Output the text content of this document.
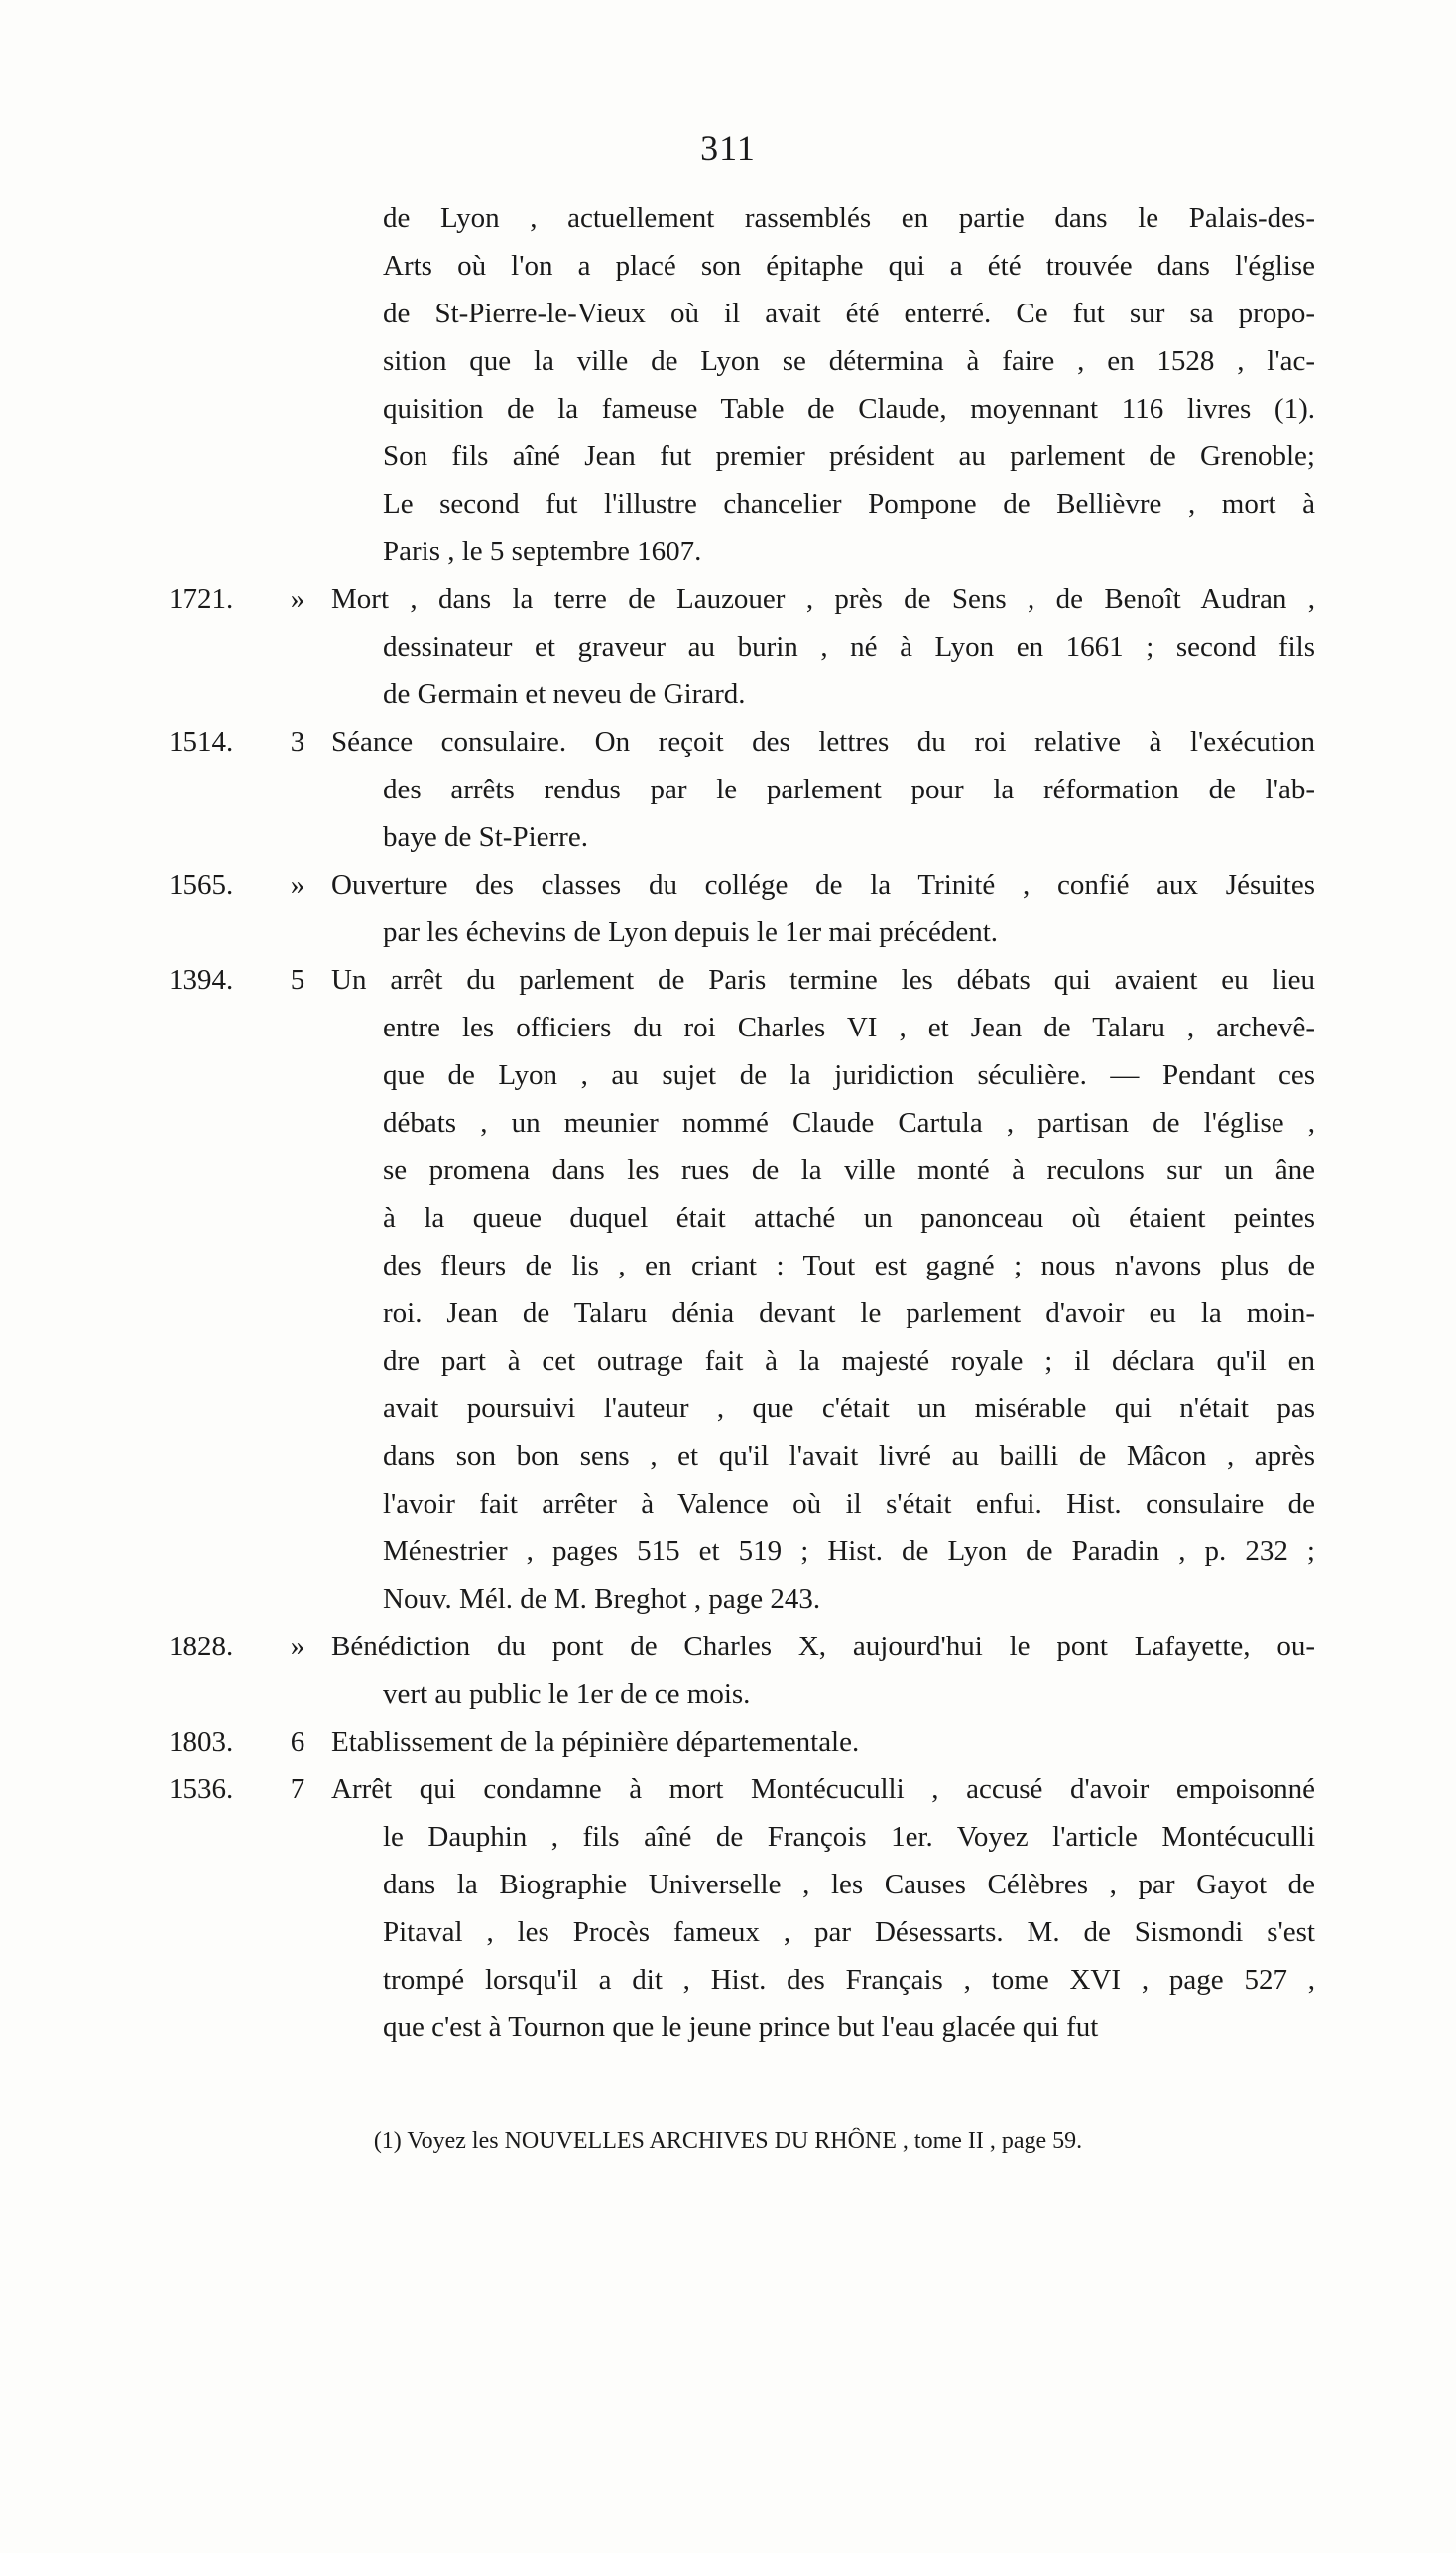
311
de Lyon , actuellement rassemblés en partie dans le Palais-des-
Arts où l'on a placé son épitaphe qui a été trouvée dans l'église
de St-Pierre-le-Vieux où il avait été enterré. Ce fut sur sa propo-
sition que la ville de Lyon se détermina à faire , en 1528 , l'ac-
quisition de la fameuse Table de Claude, moyennant 116 livres (1).
Son fils aîné Jean fut premier président au parlement de Grenoble;
Le second fut l'illustre chancelier Pompone de Bellièvre , mort à
Paris , le 5 septembre 1607.
1721.	» Mort , dans la terre de Lauzouer , près de Sens , de Benoît Audran ,
dessinateur et graveur au burin , né à Lyon en 1661 ; second fils
de Germain et neveu de Girard.
1514.	3 Séance consulaire. On reçoit des lettres du roi relative à l'exécution
des arrêts rendus par le parlement pour la réformation de l'ab-
baye de St-Pierre.
1565.	» Ouverture des classes du collége de la Trinité , confié aux Jésuites
par les échevins de Lyon depuis le 1er mai précédent.
1394.	5 Un arrêt du parlement de Paris termine les débats qui avaient eu lieu
entre les officiers du roi Charles VI , et Jean de Talaru , archevê-
que de Lyon , au sujet de la juridiction séculière. — Pendant ces
débats , un meunier nommé Claude Cartula , partisan de l'église ,
se promena dans les rues de la ville monté à reculons sur un âne
à la queue duquel était attaché un panonceau où étaient peintes
des fleurs de lis , en criant : Tout est gagné ; nous n'avons plus de
roi. Jean de Talaru dénia devant le parlement d'avoir eu la moin-
dre part à cet outrage fait à la majesté royale ; il déclara qu'il en
avait poursuivi l'auteur , que c'était un misérable qui n'était pas
dans son bon sens , et qu'il l'avait livré au bailli de Mâcon , après
l'avoir fait arrêter à Valence où il s'était enfui. Hist. consulaire de
Ménestrier , pages 515 et 519 ; Hist. de Lyon de Paradin , p. 232 ;
Nouv. Mél. de M. Breghot , page 243.
1828.	» Bénédiction du pont de Charles X, aujourd'hui le pont Lafayette, ou-
vert au public le 1er de ce mois.
1803.	6 Etablissement de la pépinière départementale.
1536.	7 Arrêt qui condamne à mort Montécuculli , accusé d'avoir empoisonné
le Dauphin , fils aîné de François 1er. Voyez l'article Montécuculli
dans la Biographie Universelle , les Causes Célèbres , par Gayot de
Pitaval , les Procès fameux , par Désessarts. M. de Sismondi s'est
trompé lorsqu'il a dit , Hist. des Français , tome XVI , page 527 ,
que c'est à Tournon que le jeune prince but l'eau glacée qui fut
(1) Voyez les NOUVELLES ARCHIVES DU RHÔNE , tome II , page 59.
